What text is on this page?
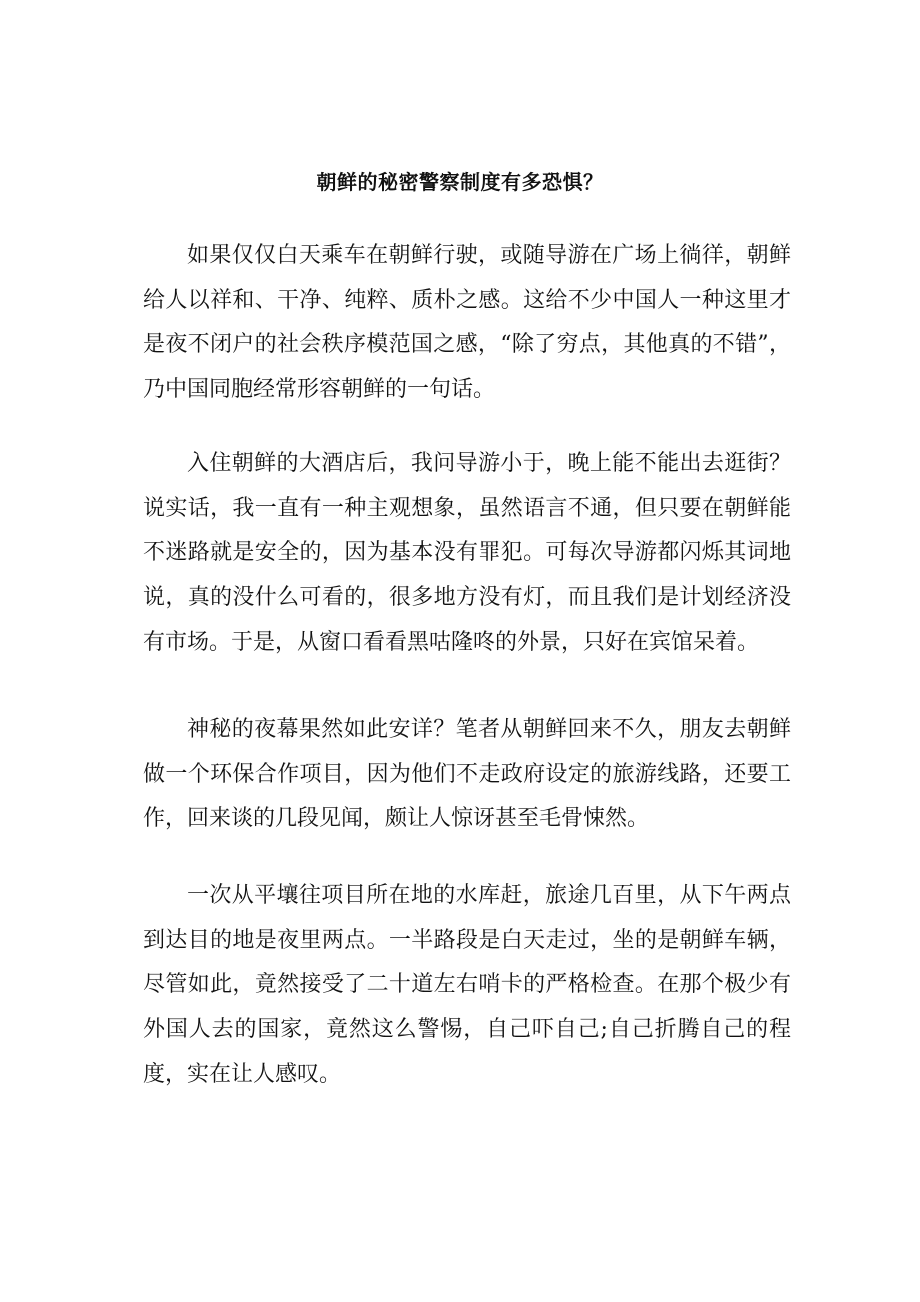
朝鲜的秘密警察制度有多恐惧？

如果仅仅白天乘车在朝鲜行驶，或随导游在广场上徜徉，朝鲜给人以祥和、干净、纯粹、质朴之感。这给不少中国人一种这里才是夜不闭户的社会秩序模范国之感，“除了穷点，其他真的不错”，乃中国同胞经常形容朝鲜的一句话。

入住朝鲜的大酒店后，我问导游小于，晚上能不能出去逛街？说实话，我一直有一种主观想象，虽然语言不通，但只要在朝鲜能不迷路就是安全的，因为基本没有罪犯。可每次导游都闪烁其词地说，真的没什么可看的，很多地方没有灯，而且我们是计划经济没有市场。于是，从窗口看看黑咕隆咚的外景，只好在宾馆呆着。

神秘的夜幕果然如此安详？笔者从朝鲜回来不久，朋友去朝鲜做一个环保合作项目，因为他们不走政府设定的旅游线路，还要工作，回来谈的几段见闻，颇让人惊讶甚至毛骨悚然。

一次从平壤往项目所在地的水库赶，旅途几百里，从下午两点到达目的地是夜里两点。一半路段是白天走过，坐的是朝鲜车辆，尽管如此，竟然接受了二十道左右哨卡的严格检查。在那个极少有外国人去的国家，竟然这么警惕，自己吓自己;自己折腾自己的程度，实在让人感叹。
